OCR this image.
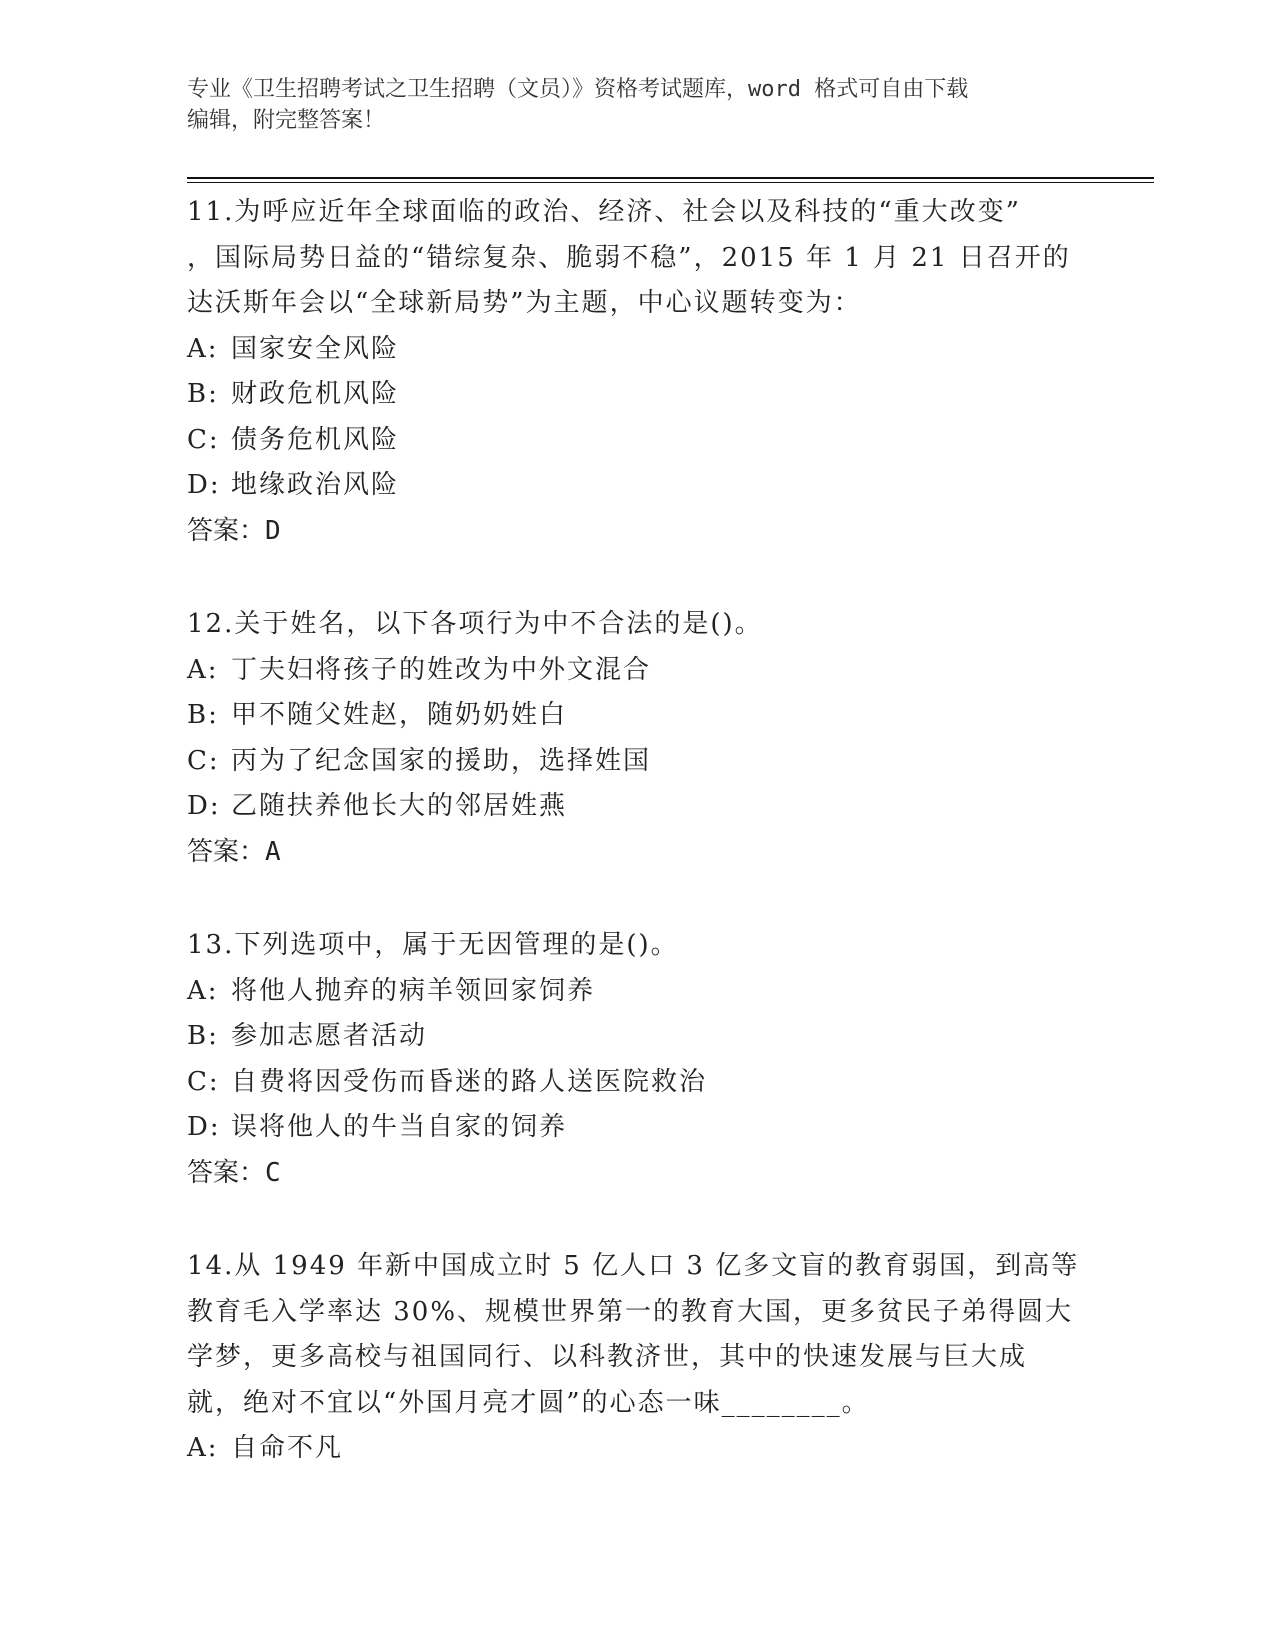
专业《卫生招聘考试之卫生招聘（文员）》资格考试题库，word 格式可自由下载
编辑，附完整答案！
11.为呼应近年全球面临的政治、经济、社会以及科技的“重大改变”
，国际局势日益的“错综复杂、脆弱不稳”，2015 年 1 月 21 日召开的
达沃斯年会以“全球新局势”为主题，中心议题转变为：
A: 国家安全风险
B: 财政危机风险
C: 债务危机风险
D: 地缘政治风险
答案：D
12.关于姓名，以下各项行为中不合法的是()。
A: 丁夫妇将孩子的姓改为中外文混合
B: 甲不随父姓赵，随奶奶姓白
C: 丙为了纪念国家的援助，选择姓国
D: 乙随扶养他长大的邻居姓燕
答案：A
13.下列选项中，属于无因管理的是()。
A: 将他人抛弃的病羊领回家饲养
B: 参加志愿者活动
C: 自费将因受伤而昏迷的路人送医院救治
D: 误将他人的牛当自家的饲养
答案：C
14.从 1949 年新中国成立时 5 亿人口 3 亿多文盲的教育弱国，到高等
教育毛入学率达 30%、规模世界第一的教育大国，更多贫民子弟得圆大
学梦，更多高校与祖国同行、以科教济世，其中的快速发展与巨大成
就，绝对不宜以“外国月亮才圆”的心态一味________。
A: 自命不凡
